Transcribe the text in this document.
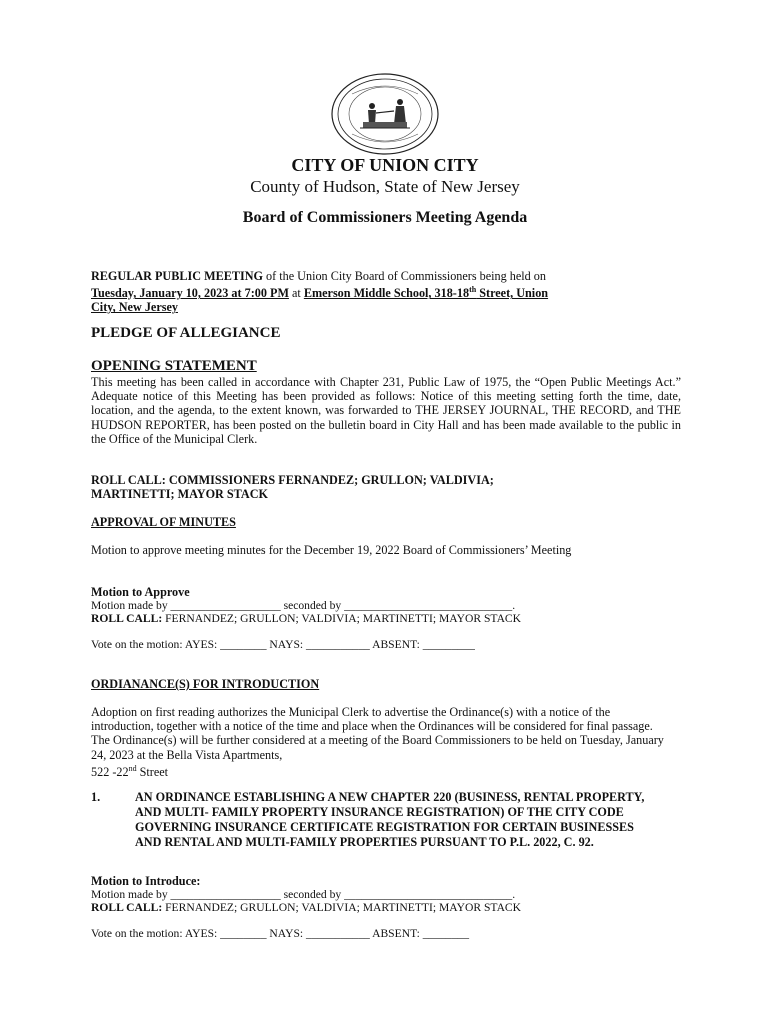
CITY OF UNION CITY
County of Hudson, State of New Jersey
Board of Commissioners Meeting Agenda
REGULAR PUBLIC MEETING of the Union City Board of Commissioners being held on
Tuesday, January 10, 2023 at 7:00 PM at Emerson Middle School, 318-18th Street, Union
City, New Jersey
PLEDGE OF ALLEGIANCE
OPENING STATEMENT
This meeting has been called in accordance with Chapter 231, Public Law of 1975, the “Open Public Meetings Act.” Adequate notice of this Meeting has been provided as follows: Notice of this meeting setting forth the time, date, location, and the agenda, to the extent known, was forwarded to THE JERSEY JOURNAL, THE RECORD, and THE HUDSON REPORTER, has been posted on the bulletin board in City Hall and has been made available to the public in the Office of the Municipal Clerk.
ROLL CALL: COMMISSIONERS FERNANDEZ; GRULLON; VALDIVIA;
MARTINETTI; MAYOR STACK
APPROVAL OF MINUTES
Motion to approve meeting minutes for the December 19, 2022 Board of Commissioners’ Meeting
Motion to Approve
Motion made by ___________________ seconded by _____________________________.
ROLL CALL: FERNANDEZ; GRULLON; VALDIVIA; MARTINETTI; MAYOR STACK
Vote on the motion: AYES: ________ NAYS: ___________ ABSENT: _________
ORDIANANCE(S) FOR INTRODUCTION
Adoption on first reading authorizes the Municipal Clerk to advertise the Ordinance(s) with a notice of the introduction, together with a notice of the time and place when the Ordinances will be considered for final passage. The Ordinance(s) will be further considered at a meeting of the Board Commissioners to be held on Tuesday, January 24, 2023 at the Bella Vista Apartments,
522 -22nd Street
1.	AN ORDINANCE ESTABLISHING A NEW CHAPTER 220 (BUSINESS, RENTAL PROPERTY, AND MULTI- FAMILY PROPERTY INSURANCE REGISTRATION) OF THE CITY CODE GOVERNING INSURANCE CERTIFICATE REGISTRATION FOR CERTAIN BUSINESSES AND RENTAL AND MULTI-FAMILY PROPERTIES PURSUANT TO P.L. 2022, C. 92.
Motion to Introduce:
Motion made by ___________________ seconded by _____________________________.
ROLL CALL: FERNANDEZ; GRULLON; VALDIVIA; MARTINETTI; MAYOR STACK
Vote on the motion: AYES: ________ NAYS: ___________ ABSENT: ________
